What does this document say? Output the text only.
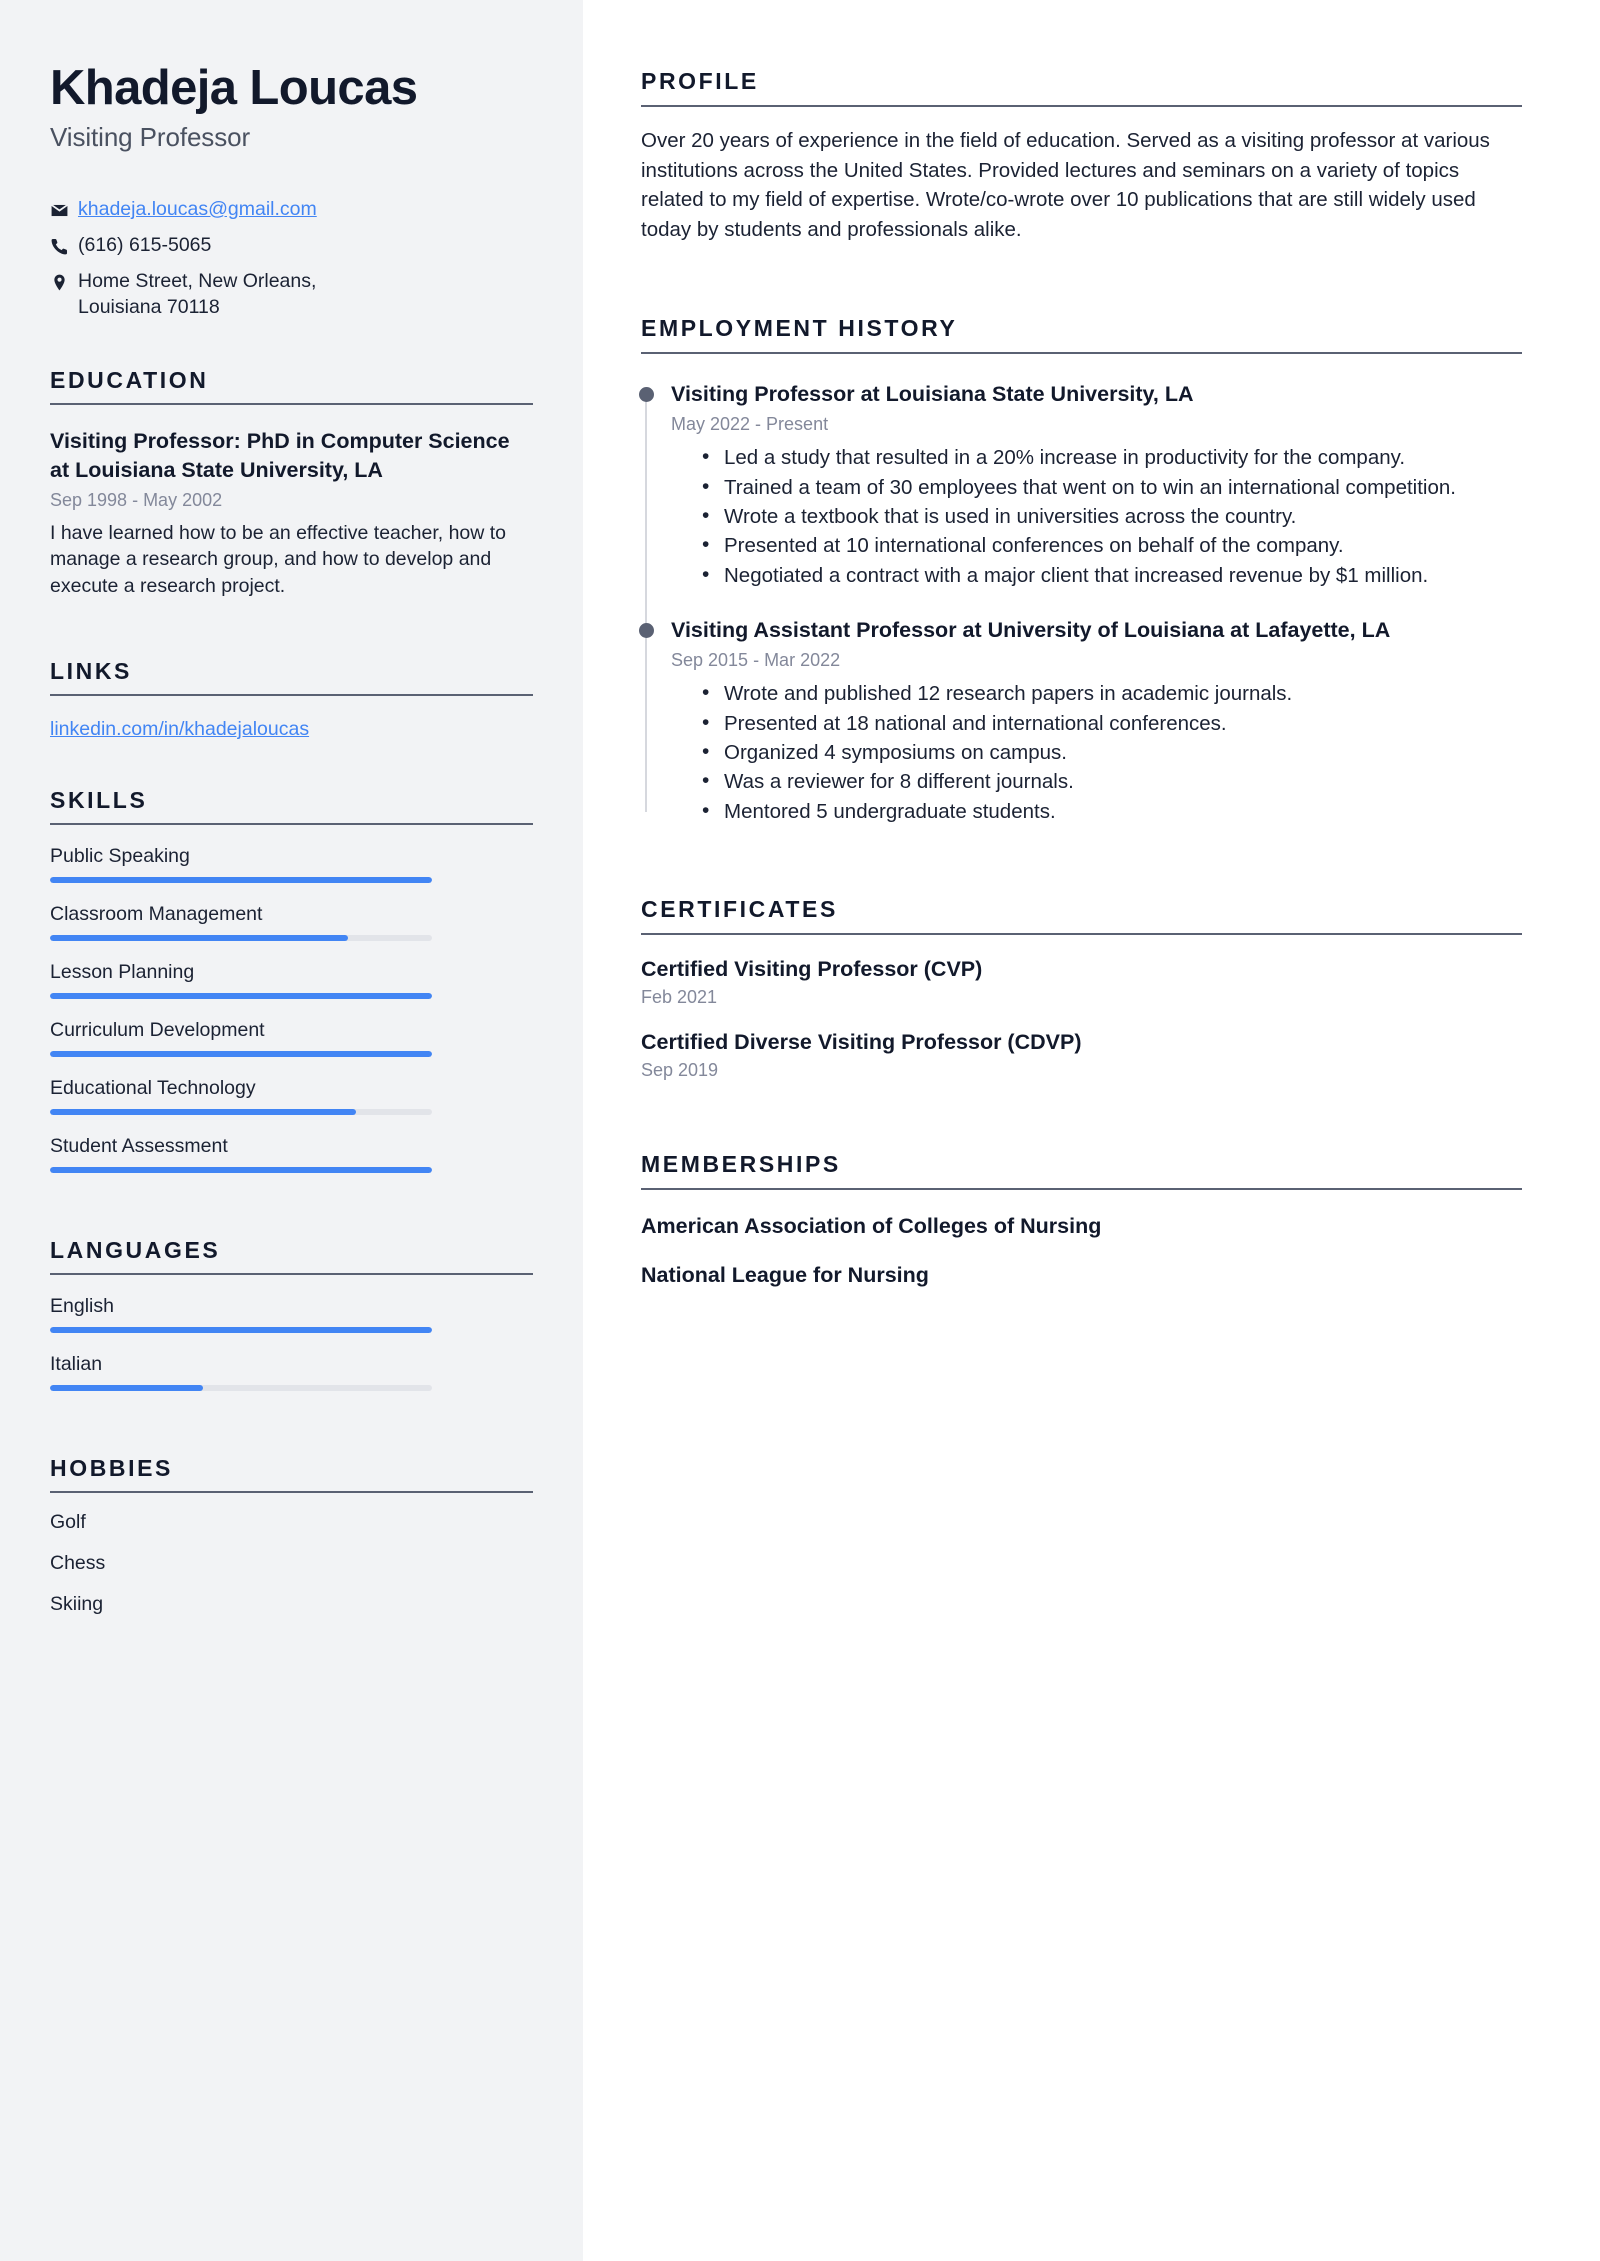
Khadeja Loucas
Visiting Professor
khadeja.loucas@gmail.com
(616) 615-5065
Home Street, New Orleans,
Louisiana 70118
EDUCATION
Visiting Professor: PhD in Computer Science at Louisiana State University, LA
Sep 1998 - May 2002
I have learned how to be an effective teacher, how to manage a research group, and how to develop and execute a research project.
LINKS
linkedin.com/in/khadejaloucas
SKILLS
Public Speaking
Classroom Management
Lesson Planning
Curriculum Development
Educational Technology
Student Assessment
LANGUAGES
English
Italian
HOBBIES
Golf
Chess
Skiing
PROFILE

Over 20 years of experience in the field of education. Served as a visiting professor at various institutions across the United States. Provided lectures and seminars on a variety of topics related to my field of expertise. Wrote/co-wrote over 10 publications that are still widely used today by students and professionals alike.

EMPLOYMENT HISTORY
Visiting Professor at Louisiana State University, LA
May 2022 - Present
• Led a study that resulted in a 20% increase in productivity for the company.
• Trained a team of 30 employees that went on to win an international competition.
• Wrote a textbook that is used in universities across the country.
• Presented at 10 international conferences on behalf of the company.
• Negotiated a contract with a major client that increased revenue by $1 million.
Visiting Assistant Professor at University of Louisiana at Lafayette, LA
Sep 2015 - Mar 2022
• Wrote and published 12 research papers in academic journals.
• Presented at 18 national and international conferences.
• Organized 4 symposiums on campus.
• Was a reviewer for 8 different journals.
• Mentored 5 undergraduate students.
CERTIFICATES
Certified Visiting Professor (CVP)
Feb 2021
Certified Diverse Visiting Professor (CDVP)
Sep 2019
MEMBERSHIPS
American Association of Colleges of Nursing
National League for Nursing
